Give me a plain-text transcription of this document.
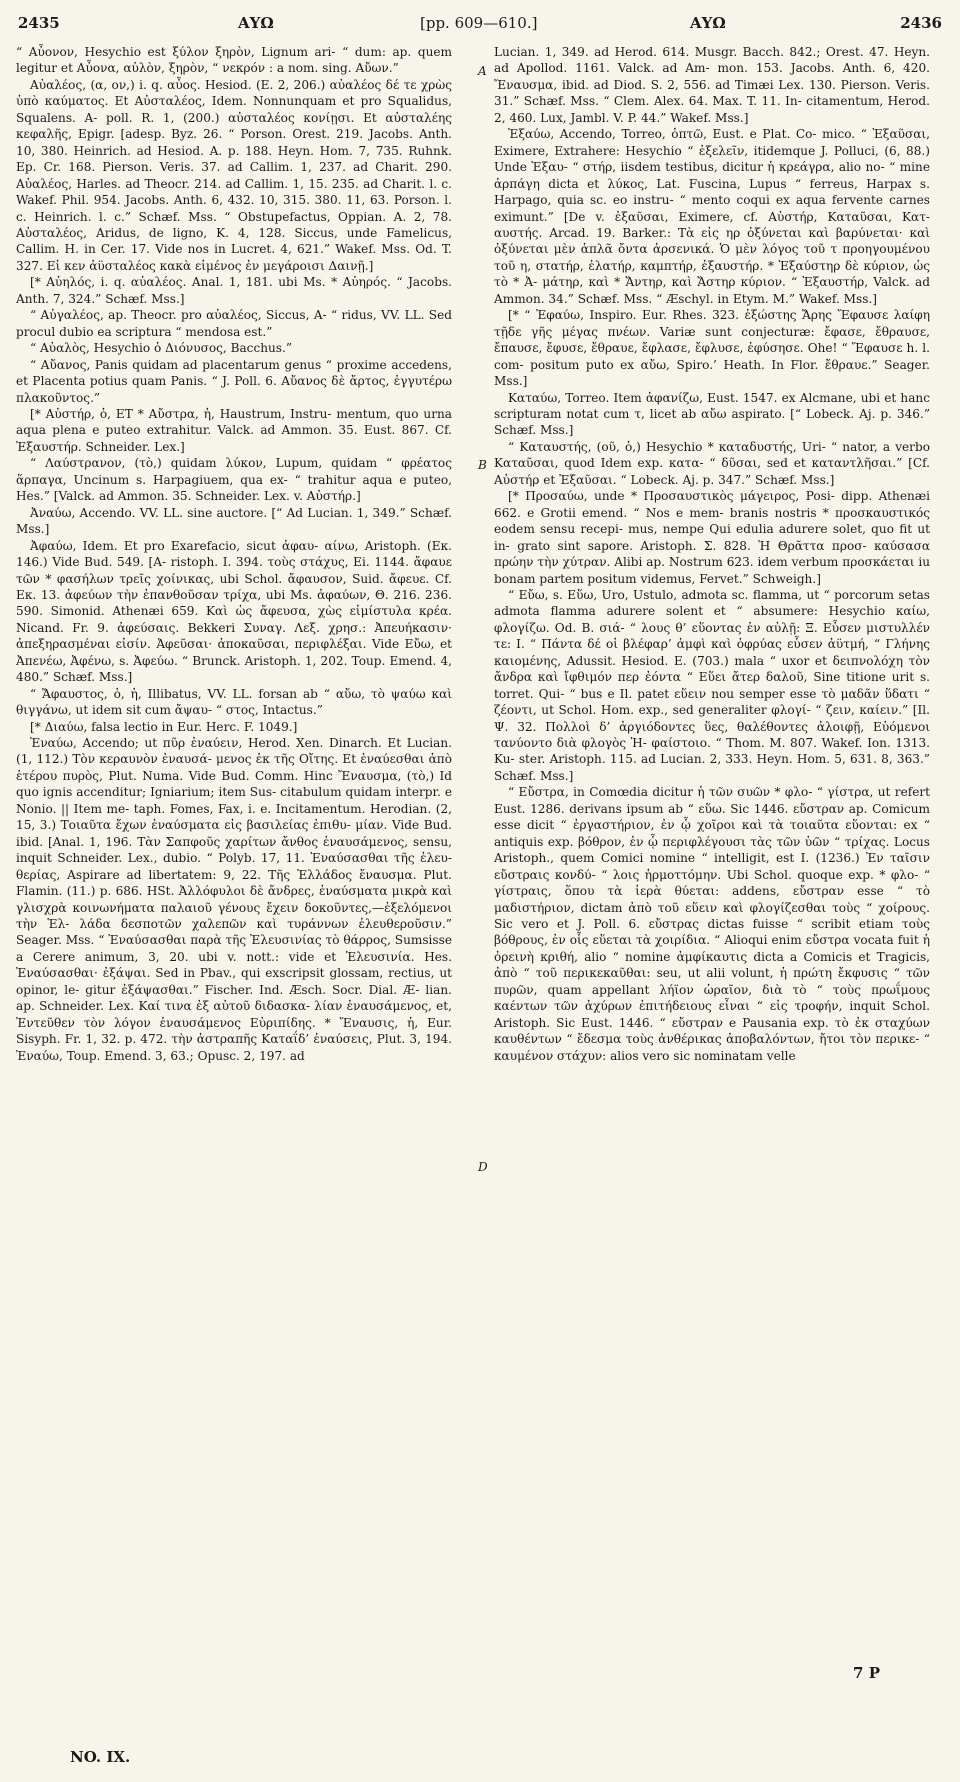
2435	ΑΥΩ	[pp. 609—610.]	ΑΥΩ	2436
A
B
D

“ Αὖονον, Hesychio est ξύλον ξηρὸν, Lignum ari- “ dum: ap. quem legitur et Αὖονα, αὐλὸν, ξηρὸν, “ νεκρόν : a nom. sing. Αὔων.”

Αὐαλέος, (α, ον,) i. q. αὖος. Hesiod. (E. 2, 206.) αὐαλέος δέ τε χρὼς ὑπὸ καύματος. Et Αὐσταλέος, Idem. Nonnunquam et pro Squalidus, Squalens. A- poll. R. 1, (200.) αὐσταλέος κονίῃσι. Et αὐσταλέης κεφαλῆς, Epigr. [adesp. Byz. 26. “ Porson. Orest. 219. Jacobs. Anth. 10, 380. Heinrich. ad Hesiod. A. p. 188. Heyn. Hom. 7, 735. Ruhnk. Ep. Cr. 168. Pierson. Veris. 37. ad Callim. 1, 237. ad Charit. 290. Αὐαλέος, Harles. ad Theocr. 214. ad Callim. 1, 15. 235. ad Charit. l. c. Wakef. Phil. 954. Jacobs. Anth. 6, 432. 10, 315. 380. 11, 63. Porson. l. c. Heinrich. l. c.” Schæf. Mss. “ Obstupefactus, Oppian. A. 2, 78. Αὐσταλέος, Aridus, de ligno, K. 4, 128. Siccus, unde Famelicus, Callim. H. in Cer. 17. Vide nos in Lucret. 4, 621.” Wakef. Mss. Od. T. 327. Εἰ κεν ἀϋσταλέος κακὰ εἱμένος ἐν μεγάροισι Δαινῇ.]

[* Αὐηλός, i. q. αὐαλέος. Anal. 1, 181. ubi Ms. * Αὐηρός. “ Jacobs. Anth. 7, 324.” Schæf. Mss.]

“ Αὐγαλέος, ap. Theocr. pro αὐαλέος, Siccus, A- “ ridus, VV. LL. Sed procul dubio ea scriptura “ mendosa est.”

“ Αὐαλὸς, Hesychio ὁ Διόνυσος, Bacchus.”

“ Αὔανος, Panis quidam ad placentarum genus “ proxime accedens, et Placenta potius quam Panis. “ J. Poll. 6. Αὔανος δὲ ἄρτος, ἐγγυτέρω πλακοῦντος.”

[* Αὐστήρ, ὁ, ET * Αὔστρα, ἡ, Haustrum, Instru- mentum, quo urna aqua plena e puteo extrahitur. Valck. ad Ammon. 35. Eust. 867. Cf. Ἐξαυστήρ. Schneider. Lex.]

“ Λαύστρανον, (τὸ,) quidam λύκον, Lupum, quidam “ φρέατος ἅρπαγα, Uncinum s. Harpagiuem, qua ex- “ trahitur aqua e puteo, Hes.” [Valck. ad Ammon. 35. Schneider. Lex. v. Αὐστήρ.]

Ἀναύω, Accendo. VV. LL. sine auctore. [“ Ad Lucian. 1, 349.” Schæf. Mss.]

Ἀφαύω, Idem. Et pro Exarefacio, sicut ἀφαυ- αίνω, Aristoph. (Eκ. 146.) Vide Bud. 549. [A- ristoph. I. 394. τοὺς στάχυς, Ei. 1144. ἄφαυε τῶν * φασήλων τρεῖς χοίνικας, ubi Schol. ἄφαυσον, Suid. ἄφευε. Cf. Eκ. 13. ἀφεύων τὴν ἐπανθοῦσαν τρίχα, ubi Ms. ἀφαύων, Θ. 216. 236. 590. Simonid. Athenæi 659. Καὶ ὡς ἄφευσα, χὼς εἰμίστυλα κρέα. Nicand. Fr. 9. ἀφεύσαις. Bekkeri Συναγ. Λεξ. χρησ.: Ἀπευήκασιν· ἀπεξηρασμέναι εἰσίν. Ἀφεῦσαι· ἀποκαῦσαι, περιφλέξαι. Vide Εὔω, et Ἀπενέω, Ἀφένω, s. Ἀφεύω. “ Brunck. Aristoph. 1, 202. Toup. Emend. 4, 480.” Schæf. Mss.]

“ Ἄφαυστος, ὁ, ἡ, Illibatus, VV. LL. forsan ab “ αὔω, τὸ ψαύω καὶ θιγγάνω, ut idem sit cum ἄψαυ- “ στος, Intactus.”

[* Διαύω, falsa lectio in Eur. Herc. F. 1049.]

Ἐναύω, Accendo; ut πῦρ ἐναύειν, Herod. Xen. Dinarch. Et Lucian. (1, 112.) Τὸν κεραυνὸν ἐναυσά- μενος ἐκ τῆς Οἴτης. Et ἐναύεσθαι ἀπὸ ἑτέρου πυρὸς, Plut. Numa. Vide Bud. Comm. Hinc Ἔναυσμα, (τὸ,) Id quo ignis accenditur; Igniarium; item Sus- citabulum quidam interpr. e Nonio. || Item me- taph. Fomes, Fax, i. e. Incitamentum. Herodian. (2, 15, 3.) Τοιαῦτα ἔχων ἐναύσματα εἰς βασιλείας ἐπιθυ- μίαν. Vide Bud. ibid. [Anal. 1, 196. Τὰν Σαπφοῦς χαρίτων ἄνθος ἐναυσάμενος, sensu, inquit Schneider. Lex., dubio. “ Polyb. 17, 11. Ἐναύσασθαι τῆς ἐλευ- θερίας, Aspirare ad libertatem: 9, 22. Τῆς Ἑλλάδος ἔναυσμα. Plut. Flamin. (11.) p. 686. HSt. Ἀλλόφυλοι δὲ ἄνδρες, ἐναύσματα μικρὰ καὶ γλισχρὰ κοινωνήματα παλαιοῦ γένους ἔχειν δοκοῦντες,—ἐξελόμενοι τὴν Ἑλ- λάδα δεσποτῶν χαλεπῶν καὶ τυράννων ἐλευθεροῦσιν.” Seager. Mss. “ Ἐναύσασθαι παρὰ τῆς Ἐλευσινίας τὸ θάρρος, Sumsisse a Cerere animum, 3, 20. ubi v. nott.: vide et Ἐλευσινία. Hes. Ἐναύσασθαι· ἐξάψαι. Sed in Pbav., qui exscripsit glossam, rectius, ut opinor, le- gitur ἐξάψασθαι.” Fischer. Ind. Æsch. Socr. Dial. Æ- lian. ap. Schneider. Lex. Καί τινα ἐξ αὐτοῦ διδασκα- λίαν ἐναυσάμενος, et, Ἐντεῦθεν τὸν λόγον ἐναυσάμενος Εὐριπίδης. * Ἔναυσις, ἡ, Eur. Sisyph. Fr. 1, 32. p. 472. τὴν ἀστραπῆς Καταΐδ’ ἐναύσεις, Plut. 3, 194. Ἐναύω, Toup. Emend. 3, 63.; Opusc. 2, 197. ad

Lucian. 1, 349. ad Herod. 614. Musgr. Bacch. 842.; Orest. 47. Heyn. ad Apollod. 1161. Valck. ad Am- mon. 153. Jacobs. Anth. 6, 420. Ἔναυσμα, ibid. ad Diod. S. 2, 556. ad Timæi Lex. 130. Pierson. Veris. 31.” Schæf. Mss. “ Clem. Alex. 64. Max. T. 11. In- citamentum, Herod. 2, 460. Lux, Jambl. V. P. 44.” Wakef. Mss.]

Ἐξαύω, Accendo, Torreo, ὀπτῶ, Eust. e Plat. Co- mico. “ Ἐξαῦσαι, Eximere, Extrahere: Hesychio “ ἐξελεῖν, itidemque J. Polluci, (6, 88.) Unde Ἐξαυ- “ στήρ, iisdem testibus, dicitur ἡ κρεάγρα, alio no- “ mine ἁρπάγη dicta et λύκος, Lat. Fuscina, Lupus “ ferreus, Harpax s. Harpago, quia sc. eo instru- “ mento coqui ex aqua fervente carnes eximunt.” [De v. ἐξαῦσαι, Eximere, cf. Αὐστήρ, Καταῦσαι, Κατ- αυστής. Arcad. 19. Barker.: Τὰ εἰς ηρ ὀξύνεται καὶ βαρύνεται· καὶ ὀξύνεται μὲν ἁπλᾶ ὄντα ἀρσενικά. Ὁ μὲν λόγος τοῦ τ προηγουμένου τοῦ η, στατήρ, ἐλατήρ, καμπτήρ, ἐξαυστήρ. * Ἐξαύστηρ δὲ κύριον, ὡς τὸ * Ἀ- μάτηρ, καὶ * Ἄντηρ, καὶ Ἄστηρ κύριον. “ Ἐξαυστήρ, Valck. ad Ammon. 34.” Schæf. Mss. “ Æschyl. in Etym. M.” Wakef. Mss.]

[* “ Ἐφαύω, Inspiro. Eur. Rhes. 323. ἐξώστης Ἄρης Ἔφαυσε λαίφη τῇδε γῆς μέγας πνέων. Variæ sunt conjecturæ: ἔφασε, ἔθραυσε, ἔπαυσε, ἔφυσε, ἔθραυε, ἔφλασε, ἔφλυσε, ἐφύσησε. Ohe! “ Ἔφαυσε h. l. com- positum puto ex αὔω, Spiro.’ Heath. In Flor. ἔθραυε.” Seager. Mss.]

Καταύω, Torreo. Item ἀφανίζω, Eust. 1547. ex Alcmane, ubi et hanc scripturam notat cum τ, licet ab αὔω aspirato. [“ Lobeck. Aj. p. 346.” Schæf. Mss.]

“ Καταυστής, (οῦ, ὁ,) Hesychio * καταδυστής, Uri- “ nator, a verbo Καταῦσαι, quod Idem exp. κατα- “ δῦσαι, sed et καταντλῆσαι.” [Cf. Αὐστήρ et Ἐξαῦσαι. “ Lobeck. Aj. p. 347.” Schæf. Mss.]

[* Προσαύω, unde * Προσαυστικὸς μάγειρος, Posi- dipp. Athenæi 662. e Grotii emend. “ Nos e mem- branis nostris * προσκαυστικός eodem sensu recepi- mus, nempe Qui edulia adurere solet, quo fit ut in- grato sint sapore. Aristoph. Σ. 828. Ἡ Θρᾶττα προσ- καύσασα πρώην τὴν χύτραν. Alibi ap. Nostrum 623. idem verbum προσκάεται iu bonam partem positum videmus, Fervet.” Schweigh.]

“ Εὔω, s. Εὕω, Uro, Ustulo, admota sc. flamma, ut “ porcorum setas admota flamma adurere solent et “ absumere: Hesychio καίω, φλογίζω. Od. B. σιά- “ λους θ’ εὕοντας ἐν αὐλῇ: Ξ. Εὗσεν μιστυλλέν τε: I. “ Πάντα δέ οἱ βλέφαρ’ ἀμφὶ καὶ ὀφρύας εὗσεν ἀϋτμή, “ Γλήνης καιομένης, Adussit. Hesiod. E. (703.) mala “ uxor et δειπνολόχη τὸν ἄνδρα καὶ ἴφθιμόν περ ἐόντα “ Εὕει ἄτερ δαλοῦ, Sine titione urit s. torret. Qui- “ bus e Il. patet εὕειν nou semper esse τὸ μαδᾶν ὕδατι “ ζέοντι, ut Schol. Hom. exp., sed generaliter φλογί- “ ζειν, καίειν.” [Il. Ψ. 32. Πολλοὶ δ’ ἀργιόδοντες ὕες, θαλέθοντες ἀλοιφῇ, Εὑόμενοι τανύοντο διὰ φλογὸς Ἡ- φαίστοιο. “ Thom. M. 807. Wakef. Ion. 1313. Ku- ster. Aristoph. 115. ad Lucian. 2, 333. Heyn. Hom. 5, 631. 8, 363.” Schæf. Mss.]

“ Εὔστρα, in Comœdia dicitur ἡ τῶν συῶν * φλο- “ γίστρα, ut refert Eust. 1286. derivans ipsum ab “ εὕω. Sic 1446. εὔστραν ap. Comicum esse dicit “ ἐργαστήριον, ἐν ᾧ χοῖροι καὶ τὰ τοιαῦτα εὕονται: ex “ antiquis exp. βόθρον, ἐν ᾧ περιφλέγουσι τὰς τῶν ὑῶν “ τρίχας. Locus Aristoph., quem Comici nomine “ intelligit, est I. (1236.) Ἐν ταῖσιν εὔστραις κονδύ- “ λοις ἡρμοττόμην. Ubi Schol. quoque exp. * φλο- “ γίστραις, ὅπου τὰ ἱερὰ θύεται: addens, εὔστραν esse “ τὸ μαδιστήριον, dictam ἀπὸ τοῦ εὕειν καὶ φλογίζεσθαι τοὺς “ χοίρους. Sic vero et J. Poll. 6. εὔστρας dictas fuisse “ scribit etiam τοὺς βόθρους, ἐν οἷς εὕεται τὰ χοιρίδια. “ Alioqui enim εὔστρα vocata fuit ἡ ὀρεινὴ κριθή, alio “ nomine ἀμφίκαυτις dicta a Comicis et Tragicis, ἀπὸ “ τοῦ περικεκαῦθαι: seu, ut alii volunt, ἡ πρώτη ἔκφυσις “ τῶν πυρῶν, quam appellant λήϊον ὡραῖον, διὰ τὸ “ τοὺς πρωΐμους καέντων τῶν ἀχύρων ἐπιτήδειους εἶναι “ εἰς τροφήν, inquit Schol. Aristoph. Sic Eust. 1446. “ εὔστραν e Pausania exp. τὸ ἐκ σταχύων καυθέντων “ ἔδεσμα τοὺς ἀνθέρικας ἀποβαλόντων, ἤτοι τὸν περικε- “ καυμένον στάχυν: alios vero sic nominatam velle

NO. IX.
7 P
